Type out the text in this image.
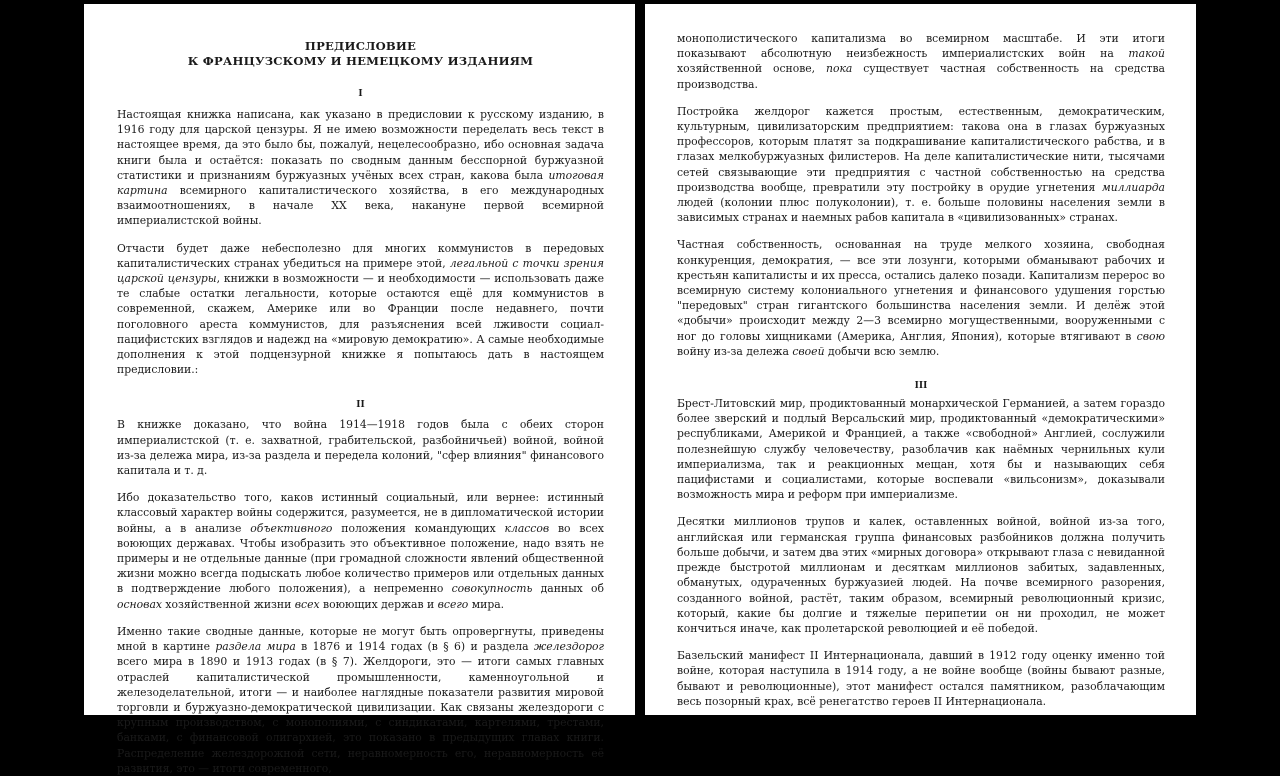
ПРЕДИСЛОВИЕ
К ФРАНЦУЗСКОМУ И НЕМЕЦКОМУ ИЗДАНИЯМ
I

Настоящая книжка написана, как указано в предисловии к русскому изданию, в 1916 году для царской цензуры. Я не имею возможности переделать весь текст в настоящее время, да это было бы, пожалуй, нецелесообразно, ибо основная задача книги была и остаётся: показать по сводным данным бесспорной буржуазной статистики и признаниям буржуазных учёных всех стран, какова была итоговая картина всемирного капиталистического хозяйства, в его международных взаимоотношениях, в начале XX века, накануне первой всемирной империалистской войны.

Отчасти будет даже небесполезно для многих коммунистов в передовых капиталистических странах убедиться на примере этой, легальной с точки зрения царской цензуры, книжки в возможности — и необходимости — использовать даже те слабые остатки легальности, которые остаются ещё для коммунистов в современной, скажем, Америке или во Франции после недавнего, почти поголовного ареста коммунистов, для разъяснения всей лживости социал-пацифистских взглядов и надежд на «мировую демократию». А самые необходимые дополнения к этой подцензурной книжке я попытаюсь дать в настоящем предисловии.:

II

В книжке доказано, что война 1914—1918 годов была с обеих сторон империалистской (т. е. захватной, грабительской, разбойничьей) войной, войной из-за дележа мира, из-за раздела и передела колоний, "сфер влияния" финансового капитала и т. д.

Ибо доказательство того, каков истинный социальный, или вернее: истинный классовый характер войны содержится, разумеется, не в дипломатической истории войны, а в анализе объективного положения командующих классов во всех воюющих державах. Чтобы изобразить это объективное положение, надо взять не примеры и не отдельные данные (при громадной сложности явлений общественной жизни можно всегда подыскать любое количество примеров или отдельных данных в подтверждение любого положения), а непременно совокупность данных об основах хозяйственной жизни всех воюющих держав и всего мира.

Именно такие сводные данные, которые не могут быть опровергнуты, приведены мной в картине раздела мира в 1876 и 1914 годах (в § 6) и раздела желездорог всего мира в 1890 и 1913 годах (в § 7). Желдороги, это — итоги самых главных отраслей капиталистической промышленности, каменноугольной и железоделательной, итоги — и наиболее наглядные показатели развития мировой торговли и буржуазно-демократической цивилизации. Как связаны желездороги с крупным производством, с монополиями, с синдикатами, картелями, трестами, банками, с финансовой олигархией, это показано в предыдущих главах книги. Распределение желездорожной сети, неравномерность его, неравномерность её развития, это — итоги современного,

монополистического капитализма во всемирном масштабе. И эти итоги показывают абсолютную неизбежность империалистских войн на такой хозяйственной основе, пока существует частная собственность на средства производства.

Постройка желдорог кажется простым, естественным, демократическим, культурным, цивилизаторским предприятием: такова она в глазах буржуазных профессоров, которым платят за подкрашивание капиталистического рабства, и в глазах мелкобуржуазных филистеров. На деле капиталистические нити, тысячами сетей связывающие эти предприятия с частной собственностью на средства производства вообще, превратили эту постройку в орудие угнетения миллиарда людей (колонии плюс полуколонии), т. е. больше половины населения земли в зависимых странах и наемных рабов капитала в «цивилизованных» странах.

Частная собственность, основанная на труде мелкого хозяина, свободная конкуренция, демократия, — все эти лозунги, которыми обманывают рабочих и крестьян капиталисты и их пресса, остались далеко позади. Капитализм перерос во всемирную систему колониального угнетения и финансового удушения горстью "передовых" стран гигантского большинства населения земли. И делёж этой «добычи» происходит между 2—3 всемирно могущественными, вооруженными с ног до головы хищниками (Америка, Англия, Япония), которые втягивают в свою войну из-за дележа своей добычи всю землю.

III

Брест-Литовский мир, продиктованный монархической Германией, а затем гораздо более зверский и подлый Версальский мир, продиктованный «демократическими» республиками, Америкой и Францией, а также «свободной» Англией, сослужили полезнейшую службу человечеству, разоблачив как наёмных чернильных кули империализма, так и реакционных мещан, хотя бы и называющих себя пацифистами и социалистами, которые воспевали «вильсонизм», доказывали возможность мира и реформ при империализме.

Десятки миллионов трупов и калек, оставленных войной, войной из-за того, английская или германская группа финансовых разбойников должна получить больше добычи, и затем два этих «мирных договора» открывают глаза с невиданной прежде быстротой миллионам и десяткам миллионов забитых, задавленных, обманутых, одураченных буржуазией людей. На почве всемирного разорения, созданного войной, растёт, таким образом, всемирный революционный кризис, который, какие бы долгие и тяжелые перипетии он ни проходил, не может кончиться иначе, как пролетарской революцией и её победой.

Базельский манифест II Интернационала, давший в 1912 году оценку именно той войне, которая наступила в 1914 году, а не войне вообще (войны бывают разные, бывают и революционные), этот манифест остался памятником, разоблачающим весь позорный крах, всё ренегатство героев II Интернационала.
